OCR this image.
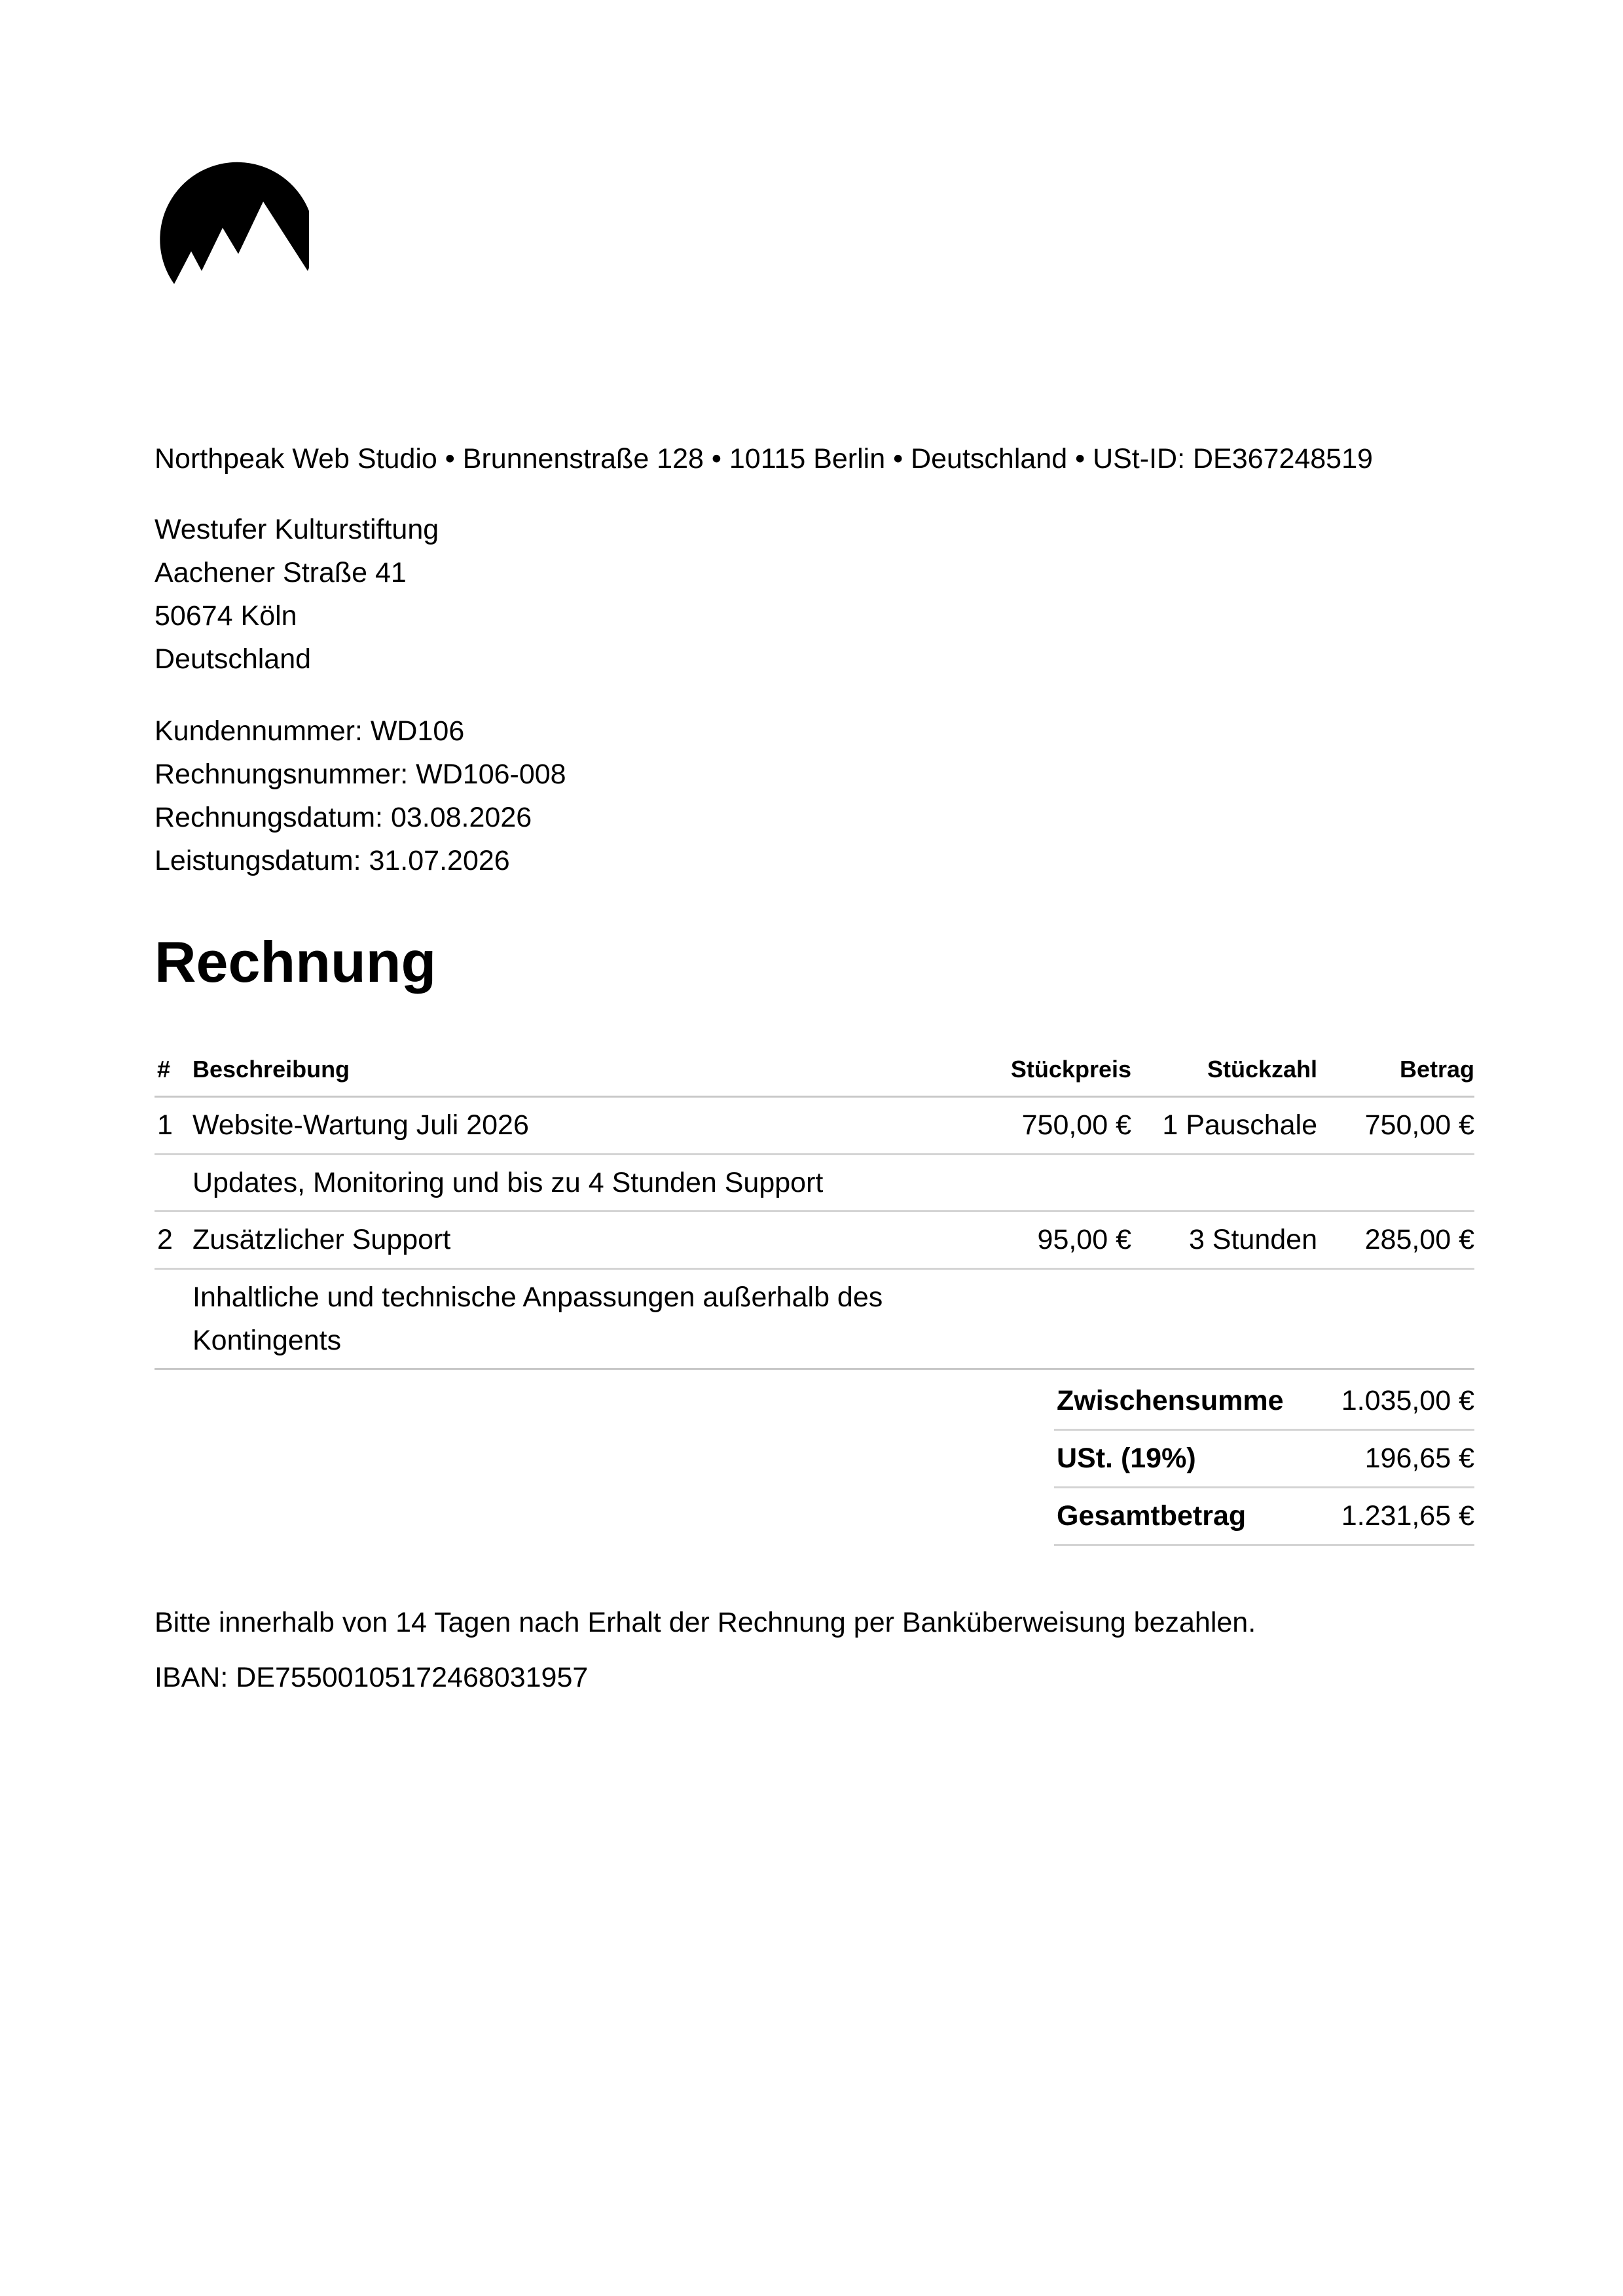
Northpeak Web Studio • Brunnenstraße 128 • 10115 Berlin • Deutschland • USt-ID: DE367248519
Westufer Kulturstiftung
Aachener Straße 41
50674 Köln
Deutschland
Kundennummer: WD106
Rechnungsnummer: WD106-008
Rechnungsdatum: 03.08.2026
Leistungsdatum: 31.07.2026
Rechnung
#	Beschreibung	Stückpreis	Stückzahl	Betrag
1	Website-Wartung Juli 2026	750,00 €	1 Pauschale	750,00 €
	Updates, Monitoring und bis zu 4 Stunden Support			
2	Zusätzlicher Support	95,00 €	3 Stunden	285,00 €
	Inhaltliche und technische Anpassungen außerhalb des Kontingents			
Zwischensumme	1.035,00 €
USt. (19%)	196,65 €
Gesamtbetrag	1.231,65 €
Bitte innerhalb von 14 Tagen nach Erhalt der Rechnung per Banküberweisung bezahlen.
IBAN: DE75500105172468031957
